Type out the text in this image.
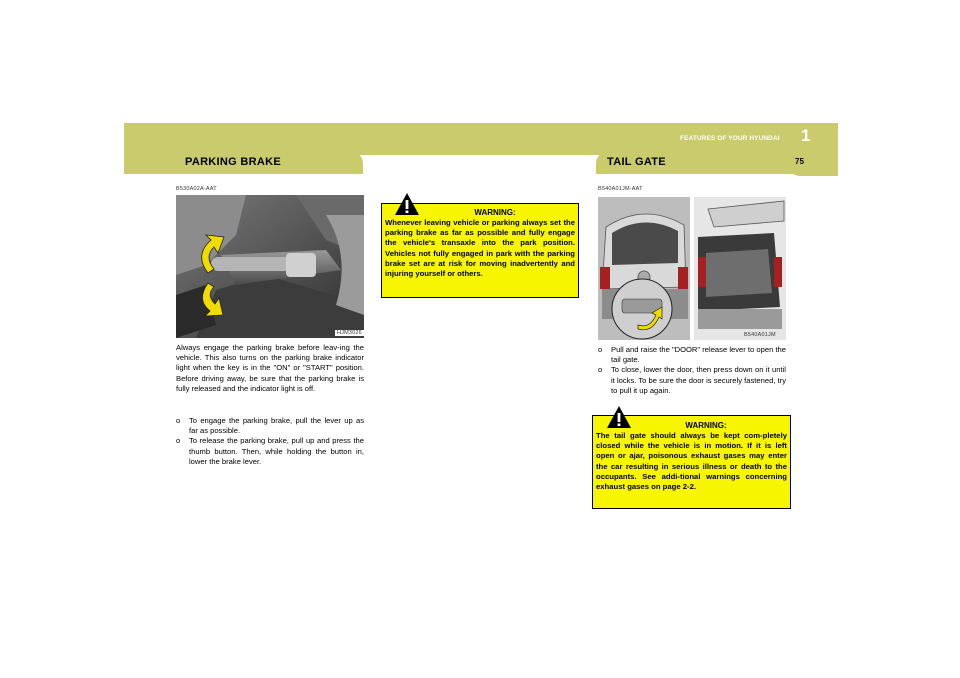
FEATURES OF YOUR HYUNDAI 1
75
PARKING BRAKE
B530A02A-AAT
HJM3026
Always engage the parking brake before leav-ing the vehicle. This also turns on the parking brake indicator light when the key is in the "ON" or "START" position. Before driving away, be sure that the parking brake is fully released and the indicator light is off.
o To engage the parking brake, pull the lever up as far as possible.
o To release the parking brake, pull up and press the thumb button. Then, while holding the button in, lower the brake lever.
WARNING:
Whenever leaving vehicle or parking always set the parking brake as far as possible and fully engage the vehicle's transaxle into the park position. Vehicles not fully engaged in park with the parking brake set are at risk for moving inadvertently and injuring yourself or others.
TAIL GATE
B540A01JM-AAT
B540A01JM
o Pull and raise the "DOOR" release lever to open the tail gate.
o To close, lower the door, then press down on it until it locks. To be sure the door is securely fastened, try to pull it up again.
WARNING:
The tail gate should always be kept com-pletely closed while the vehicle is in motion. If it is left open or ajar, poisonous exhaust gases may enter the car resulting in serious illness or death to the occupants. See addi-tional warnings concerning exhaust gases on page 2-2.
